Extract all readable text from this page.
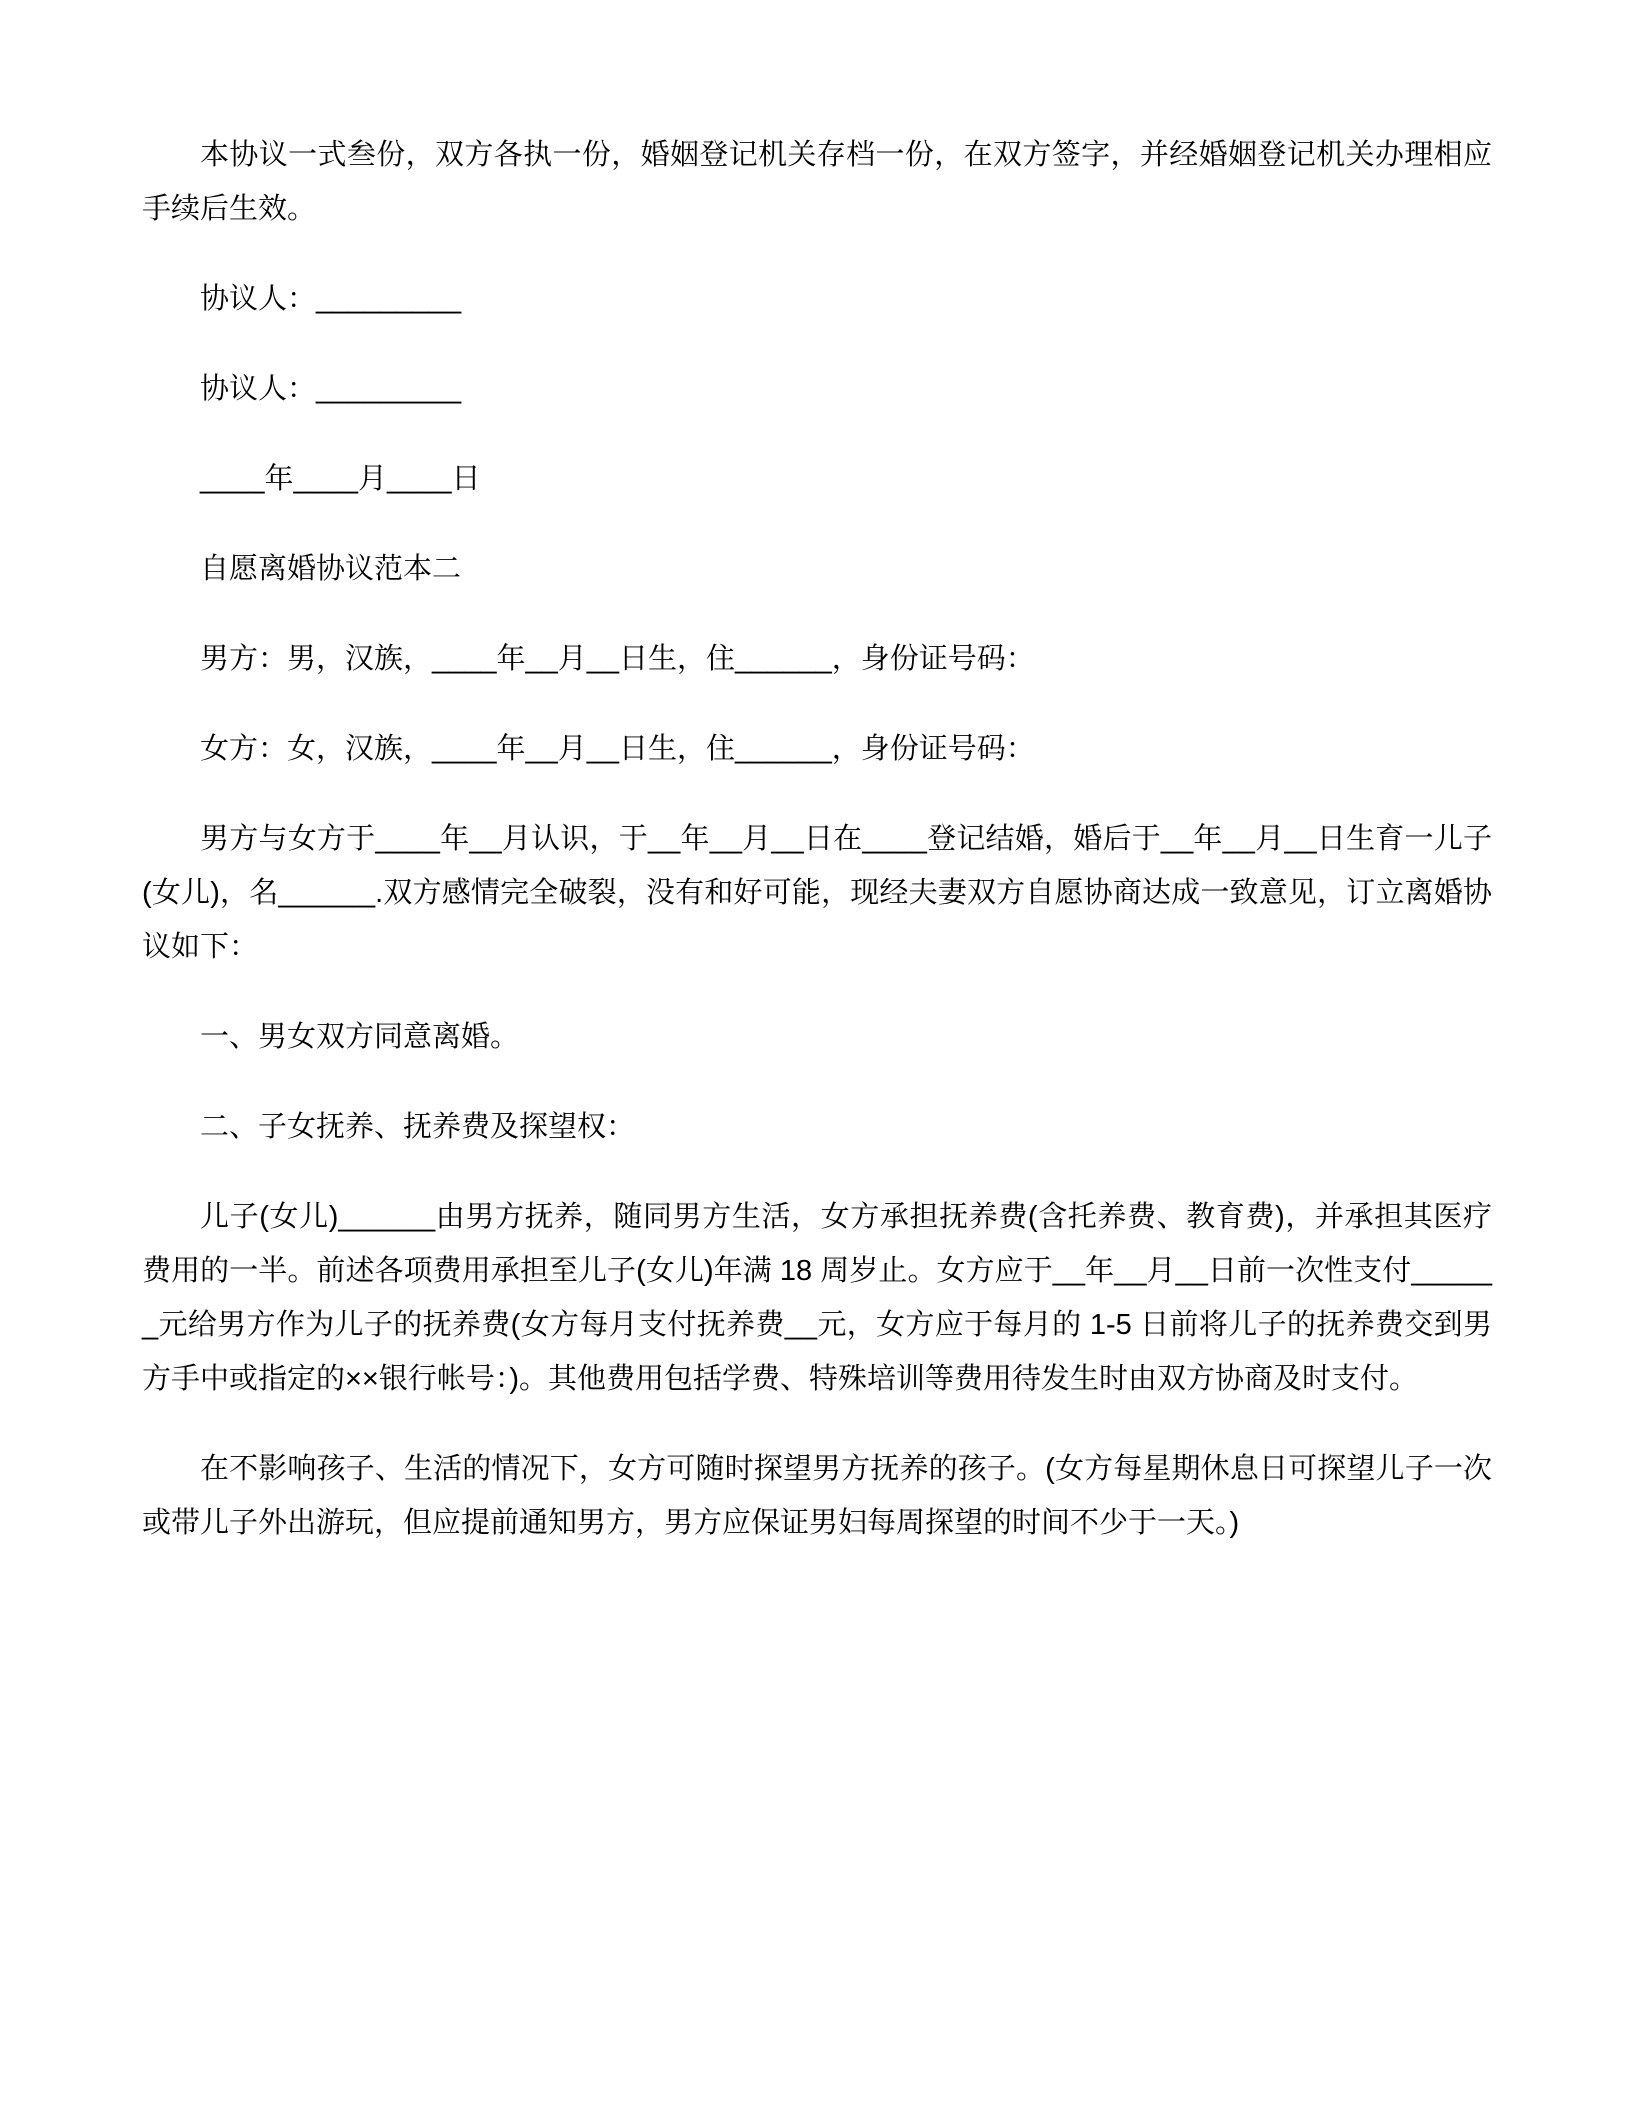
本协议一式叁份，双方各执一份，婚姻登记机关存档一份，在双方签字，并经婚姻登记机关办理相应手续后生效。

协议人：_________

协议人：_________

____年____月____日

自愿离婚协议范本二

男方：男，汉族，____年__月__日生，住______，身份证号码：

女方：女，汉族，____年__月__日生，住______，身份证号码：

男方与女方于____年__月认识，于__年__月__日在____登记结婚，婚后于__年__月__日生育一儿子(女儿)，名______.双方感情完全破裂，没有和好可能，现经夫妻双方自愿协商达成一致意见，订立离婚协议如下：

一、男女双方同意离婚。

二、子女抚养、抚养费及探望权：

儿子(女儿)______由男方抚养，随同男方生活，女方承担抚养费(含托养费、教育费)，并承担其医疗费用的一半。前述各项费用承担至儿子(女儿)年满 18 周岁止。女方应于__年__月__日前一次性支付______元给男方作为儿子的抚养费(女方每月支付抚养费__元，女方应于每月的 1-5 日前将儿子的抚养费交到男方手中或指定的××银行帐号：)。其他费用包括学费、特殊培训等费用待发生时由双方协商及时支付。

在不影响孩子、生活的情况下，女方可随时探望男方抚养的孩子。(女方每星期休息日可探望儿子一次或带儿子外出游玩，但应提前通知男方，男方应保证男妇每周探望的时间不少于一天。)
